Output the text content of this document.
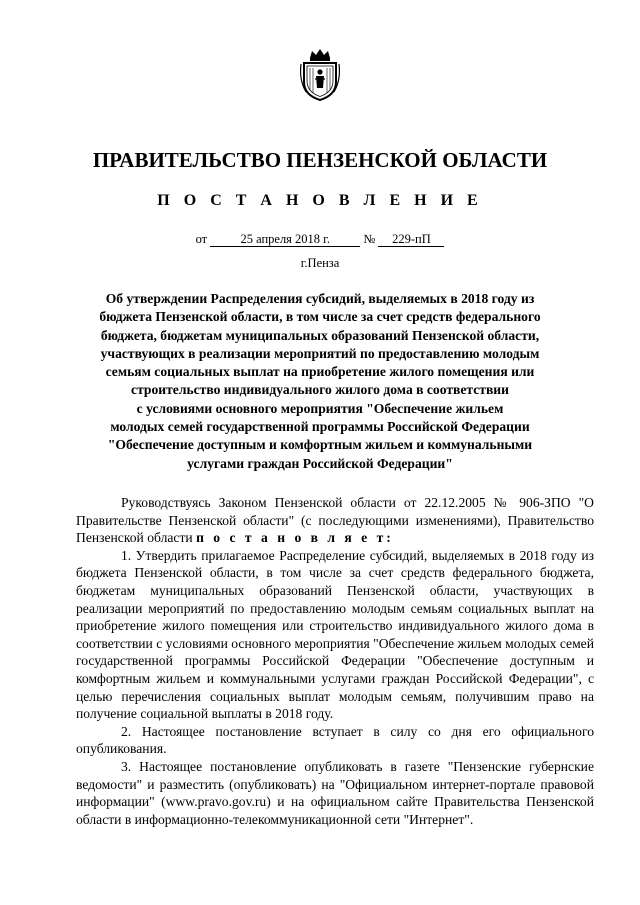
ПРАВИТЕЛЬСТВО ПЕНЗЕНСКОЙ ОБЛАСТИ
П О С Т А Н О В Л Е Н И Е
от	25 апреля 2018 г.	№ 229-пП
г.Пенза
Об утверждении Распределения субсидий, выделяемых в 2018 году из
бюджета Пензенской области, в том числе за счет средств федерального
бюджета, бюджетам муниципальных образований Пензенской области,
участвующих в реализации мероприятий по предоставлению молодым
семьям социальных выплат на приобретение жилого помещения или
строительство индивидуального жилого дома в соответствии
с условиями основного мероприятия "Обеспечение жильем
молодых семей государственной программы Российской Федерации
"Обеспечение доступным и комфортным жильем и коммунальными
услугами граждан Российской Федерации"

Руководствуясь Законом Пензенской области от 22.12.2005 № 906-ЗПО "О Правительстве Пензенской области" (с последующими изменениями), Правительство Пензенской области п о с т а н о в л я е т:

1. Утвердить прилагаемое Распределение субсидий, выделяемых в 2018 году из бюджета Пензенской области, в том числе за счет средств федерального бюджета, бюджетам муниципальных образований Пензенской области, участвующих в реализации мероприятий по предоставлению молодым семьям социальных выплат на приобретение жилого помещения или строительство индивидуального жилого дома в соответствии с условиями основного мероприятия "Обеспечение жильем молодых семей государственной программы Российской Федерации "Обеспечение доступным и комфортным жильем и коммунальными услугами граждан Российской Федерации", с целью перечисления социальных выплат молодым семьям, получившим право на получение социальной выплаты в 2018 году.

2. Настоящее постановление вступает в силу со дня его официального опубликования.

3. Настоящее постановление опубликовать в газете "Пензенские губернские ведомости" и разместить (опубликовать) на "Официальном интернет-портале правовой информации" (www.pravo.gov.ru) и на официальном сайте Правительства Пензенской области в информационно-телекоммуникационной сети "Интернет".
